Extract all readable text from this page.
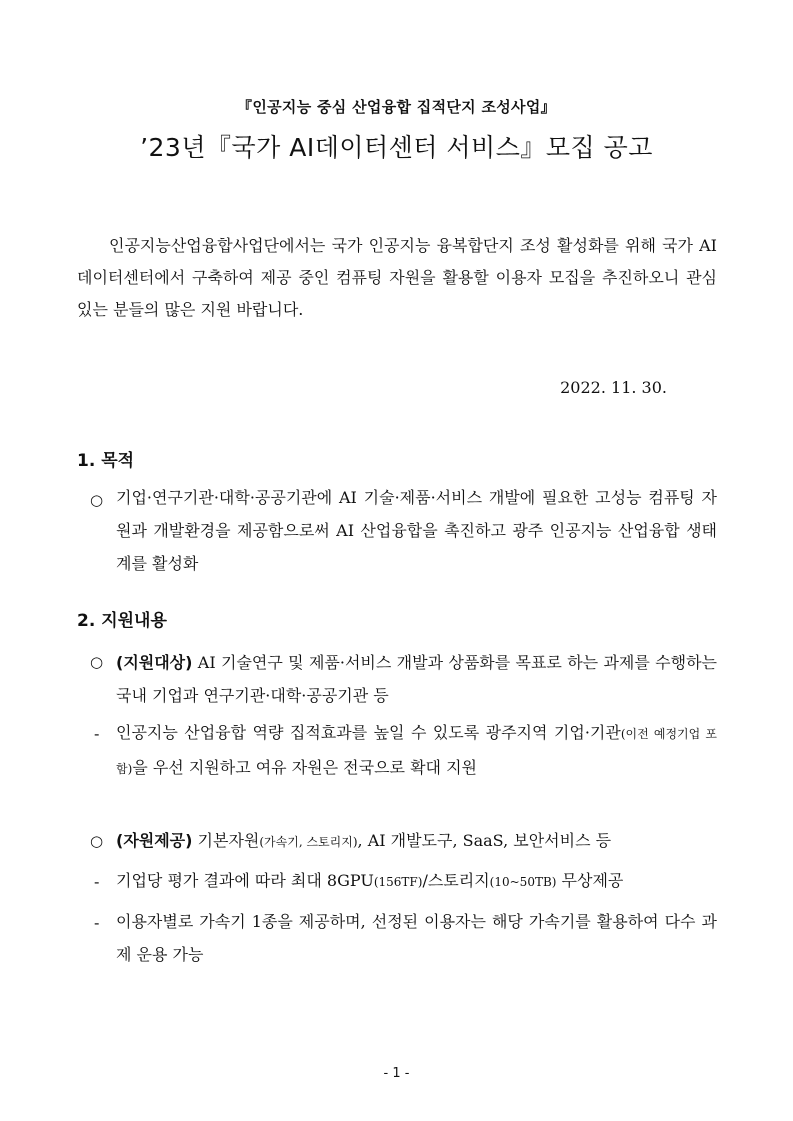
『인공지능 중심 산업융합 집적단지 조성사업』
’23년『국가 AI데이터센터 서비스』모집 공고
인공지능산업융합사업단에서는 국가 인공지능 융복합단지 조성 활성화를 위해 국가 AI데이터센터에서 구축하여 제공 중인 컴퓨팅 자원을 활용할 이용자 모집을 추진하오니 관심 있는 분들의 많은 지원 바랍니다.
2022. 11. 30.
1. 목적
○ 기업·연구기관·대학·공공기관에 AI 기술·제품·서비스 개발에 필요한 고성능 컴퓨팅 자원과 개발환경을 제공함으로써 AI 산업융합을 촉진하고 광주 인공지능 산업융합 생태계를 활성화
2. 지원내용
○ (지원대상) AI 기술연구 및 제품·서비스 개발과 상품화를 목표로 하는 과제를 수행하는 국내 기업과 연구기관·대학·공공기관 등
- 인공지능 산업융합 역량 집적효과를 높일 수 있도록 광주지역 기업·기관(이전 예정기업 포함)을 우선 지원하고 여유 자원은 전국으로 확대 지원
○ (자원제공) 기본자원(가속기, 스토리지), AI 개발도구, SaaS, 보안서비스 등
- 기업당 평가 결과에 따라 최대 8GPU(156TF)/스토리지(10~50TB) 무상제공
- 이용자별로 가속기 1종을 제공하며, 선정된 이용자는 해당 가속기를 활용하여 다수 과제 운용 가능
- 1 -
